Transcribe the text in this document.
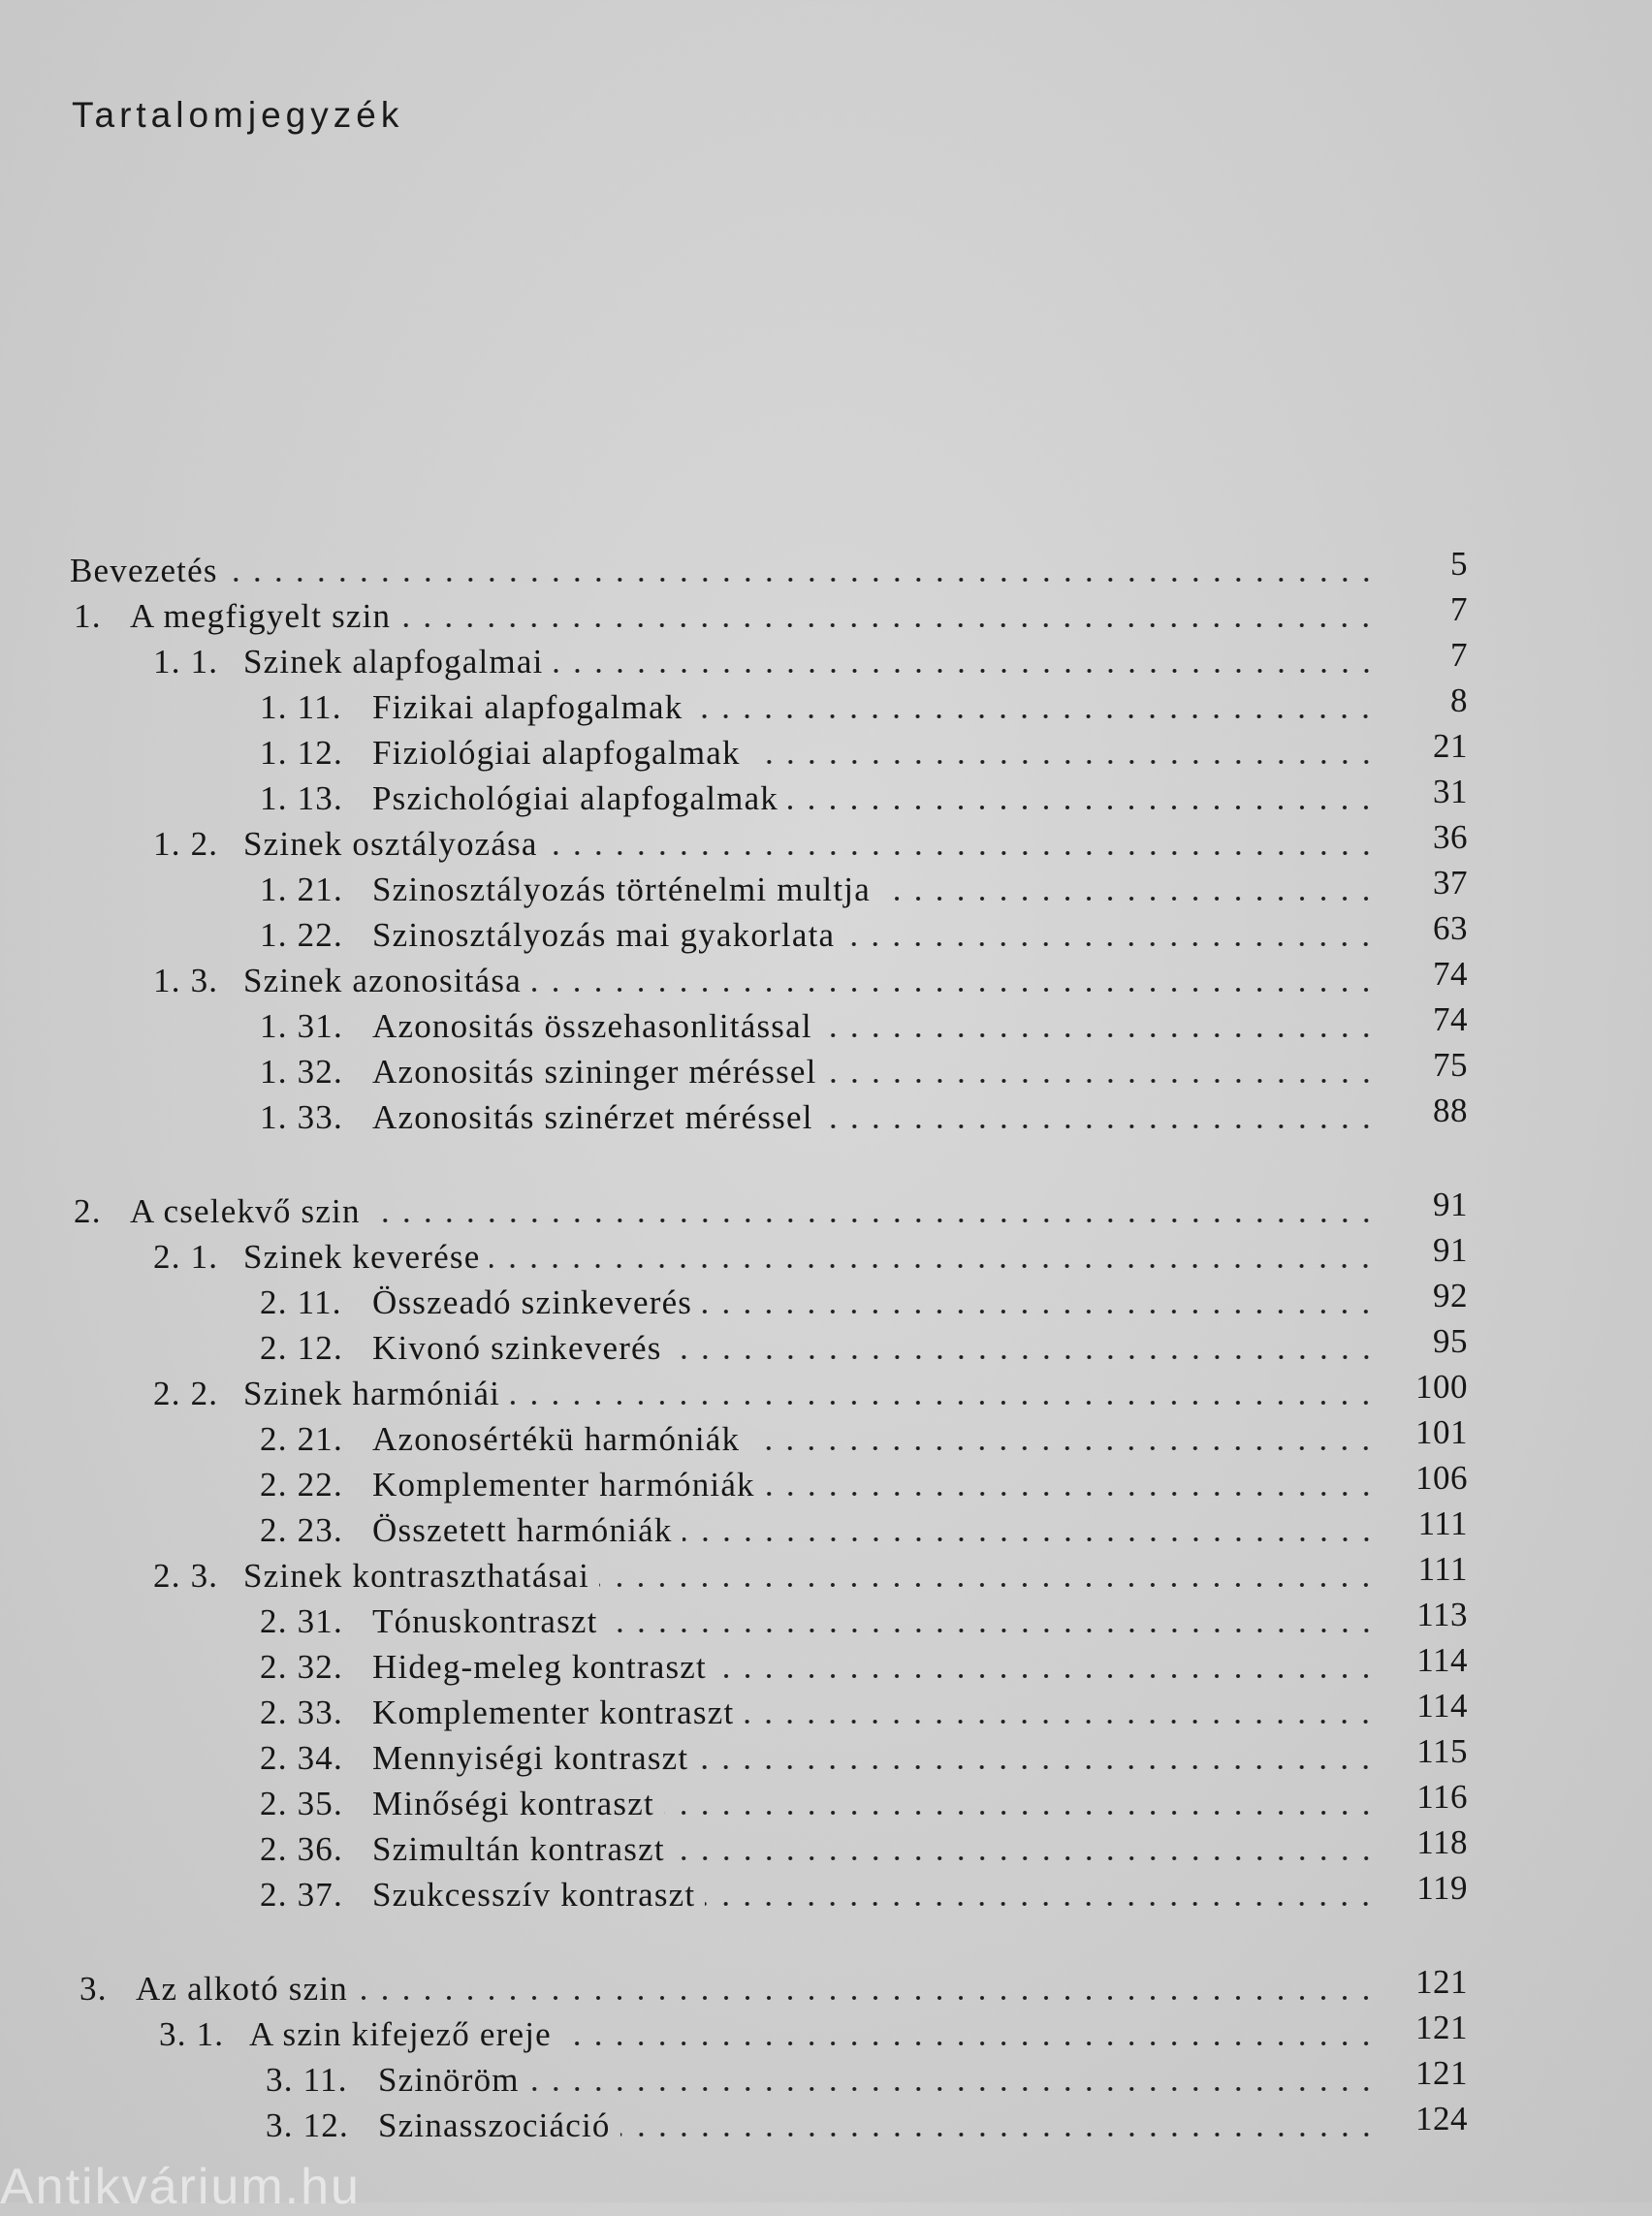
Tartalomjegyzék
Bevezetés	5
1. A megfigyelt szin	7
1. 1. Szinek alapfogalmai	7
1. 11. Fizikai alapfogalmak	8
1. 12. Fiziológiai alapfogalmak	21
1. 13. Pszichológiai alapfogalmak	31
1. 2. Szinek osztályozása	36
1. 21. Szinosztályozás történelmi multja	37
1. 22. Szinosztályozás mai gyakorlata	63
1. 3. Szinek azonositása	74
1. 31. Azonositás összehasonlitással	74
1. 32. Azonositás szininger méréssel	75
1. 33. Azonositás szinérzet méréssel	88
2. A cselekvő szin	91
2. 1. Szinek keverése	91
2. 11. Összeadó szinkeverés	92
2. 12. Kivonó szinkeverés	95
2. 2. Szinek harmóniái	100
2. 21. Azonosértékü harmóniák	101
2. 22. Komplementer harmóniák	106
2. 23. Összetett harmóniák	111
2. 3. Szinek kontraszthatásai	111
2. 31. Tónuskontraszt	113
2. 32. Hideg-meleg kontraszt	114
2. 33. Komplementer kontraszt	114
2. 34. Mennyiségi kontraszt	115
2. 35. Minőségi kontraszt	116
2. 36. Szimultán kontraszt	118
2. 37. Szukcesszív kontraszt	119
3. Az alkotó szin	121
3. 1. A szin kifejező ereje	121
3. 11. Szinöröm	121
3. 12. Szinasszociáció	124
Antikvárium.hu
